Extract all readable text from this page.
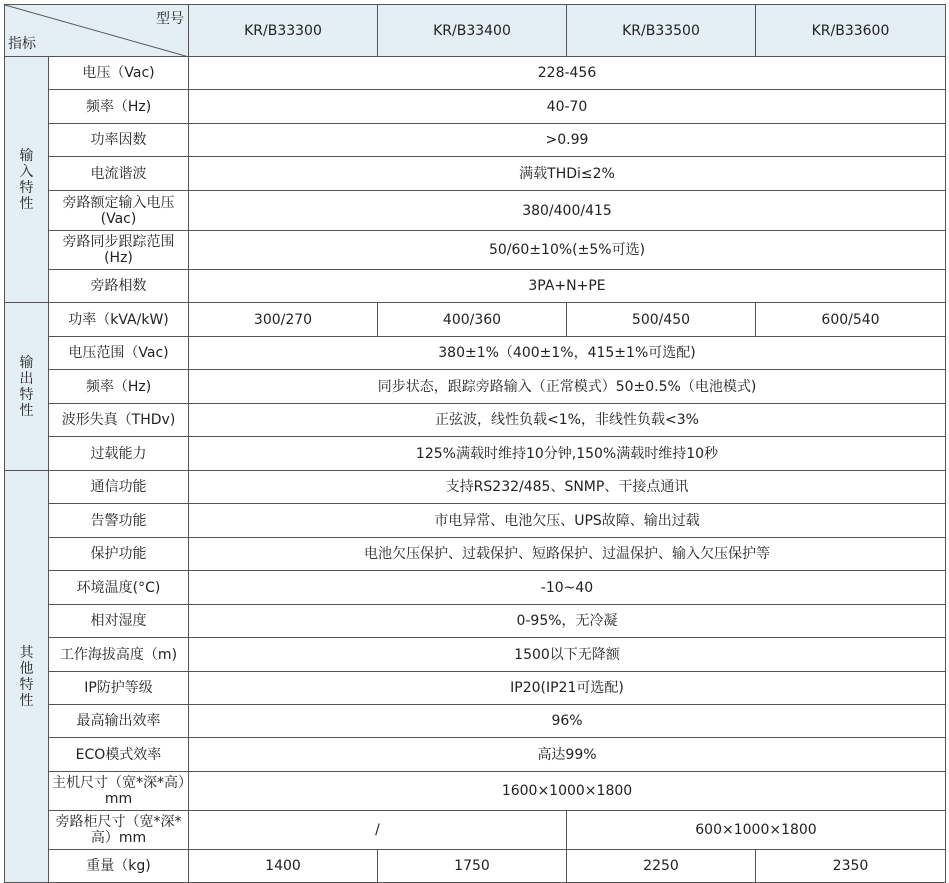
型号
指标		KR/B33300	KR/B33400	KR/B33500	KR/B33600

输
入
特
性	电压（Vac)	228-456			
	频率（Hz)	40-70			
	功率因数	>0.99			
	电流谐波	满载THDi≤2%			
	旁路额定输入电压(Vac)	380/400/415			
	旁路同步跟踪范围(Hz)	50/60±10%(±5%可选)			
	旁路相数	3PA+N+PE			

输
出
特
性	功率（kVA/kW)	300/270	400/360	500/450	600/540
	电压范围（Vac)	380±1%（400±1%，415±1%可选配)			
	频率（Hz)	同步状态，跟踪旁路输入（正常模式）50±0.5%（电池模式)			
	波形失真（THDv)	正弦波，线性负载<1%，非线性负载<3%			
	过载能力	125%满载时维持10分钟,150%满载时维持10秒			

其
他
特
性	通信功能	支持RS232/485、SNMP、干接点通讯			
	告警功能	市电异常、电池欠压、UPS故障、输出过载			
	保护功能	电池欠压保护、过载保护、短路保护、过温保护、输入欠压保护等			
	环境温度(°C)	-10~40			
	相对湿度	0-95%，无冷凝			
	工作海拔高度（m)	1500以下无降额			
	IP防护等级	IP20(IP21可选配)			
	最高输出效率	96%			
	ECO模式效率	高达99%			
	主机尺寸（宽*深*高）mm	1600×1000×1800			
	旁路柜尺寸（宽*深*高）mm	/		600×1000×1800	
	重量（kg)	1400	1750	2250	2350
